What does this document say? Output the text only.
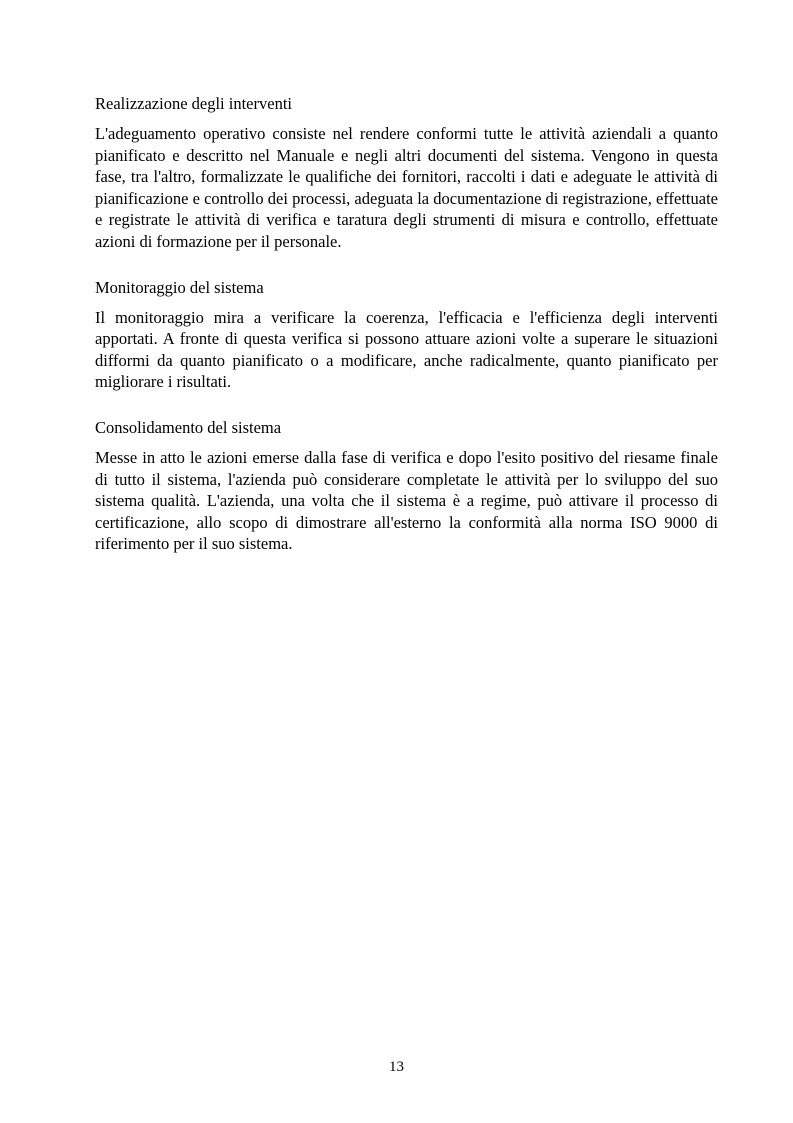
Realizzazione degli interventi

L'adeguamento operativo consiste nel rendere conformi tutte le attività aziendali a quanto pianificato e descritto nel Manuale e negli altri documenti del sistema. Vengono in questa fase, tra l'altro, formalizzate le qualifiche dei fornitori, raccolti i dati e adeguate le attività di pianificazione e controllo dei processi, adeguata la documentazione di registrazione, effettuate e registrate le attività di verifica e taratura degli strumenti di misura e controllo, effettuate azioni di formazione per il personale.

Monitoraggio del sistema

Il monitoraggio mira a verificare la coerenza, l'efficacia e l'efficienza degli interventi apportati. A fronte di questa verifica si possono attuare azioni volte a superare le situazioni difformi da quanto pianificato o a modificare, anche radicalmente, quanto pianificato per migliorare i risultati.

Consolidamento del sistema

Messe in atto le azioni emerse dalla fase di verifica e dopo l'esito positivo del riesame finale di tutto il sistema, l'azienda può considerare completate le attività per lo sviluppo del suo sistema qualità. L'azienda, una volta che il sistema è a regime, può attivare il processo di certificazione, allo scopo di dimostrare all'esterno la conformità alla norma ISO 9000 di riferimento per il suo sistema.

13
